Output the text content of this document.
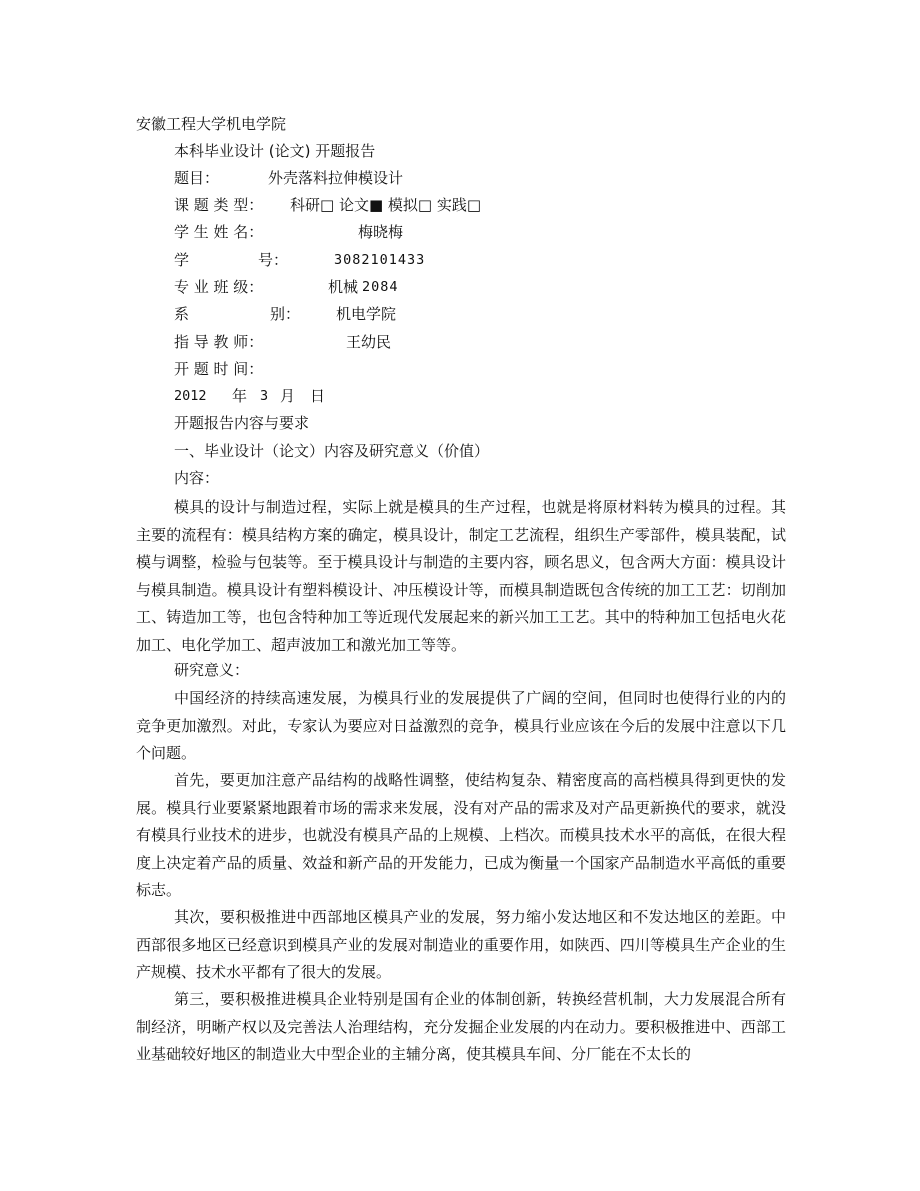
安徽工程大学机电学院
本科毕业设计 (论文) 开题报告
题目：	外壳落料拉伸模设计
课 题 类 型： 科研□ 论文■ 模拟□ 实践□
学 生 姓 名：	梅晓梅
学	号：	3082101433
专 业 班 级：	机械 2084
系	别： 机电学院
指 导 教 师：	王幼民
开 题 时 间：
2012 年 3 月 日
开题报告内容与要求
一、毕业设计（论文）内容及研究意义（价值）
内容：
模具的设计与制造过程，实际上就是模具的生产过程，也就是将原材料转为模具的过程。其主要的流程有：模具结构方案的确定，模具设计，制定工艺流程，组织生产零部件，模具装配，试模与调整，检验与包装等。至于模具设计与制造的主要内容，顾名思义，包含两大方面：模具设计与模具制造。模具设计有塑料模设计、冲压模设计等，而模具制造既包含传统的加工工艺：切削加工、铸造加工等，也包含特种加工等近现代发展起来的新兴加工工艺。其中的特种加工包括电火花加工、电化学加工、超声波加工和激光加工等等。
研究意义：
中国经济的持续高速发展，为模具行业的发展提供了广阔的空间，但同时也使得行业的内的竞争更加激烈。对此，专家认为要应对日益激烈的竞争，模具行业应该在今后的发展中注意以下几个问题。
首先，要更加注意产品结构的战略性调整，使结构复杂、精密度高的高档模具得到更快的发展。模具行业要紧紧地跟着市场的需求来发展，没有对产品的需求及对产品更新换代的要求，就没有模具行业技术的进步，也就没有模具产品的上规模、上档次。而模具技术水平的高低，在很大程度上决定着产品的质量、效益和新产品的开发能力，已成为衡量一个国家产品制造水平高低的重要标志。
其次，要积极推进中西部地区模具产业的发展，努力缩小发达地区和不发达地区的差距。中西部很多地区已经意识到模具产业的发展对制造业的重要作用，如陕西、四川等模具生产企业的生产规模、技术水平都有了很大的发展。
第三，要积极推进模具企业特别是国有企业的体制创新，转换经营机制，大力发展混合所有制经济，明晰产权以及完善法人治理结构，充分发掘企业发展的内在动力。要积极推进中、西部工业基础较好地区的制造业大中型企业的主辅分离，使其模具车间、分厂能在不太长的
